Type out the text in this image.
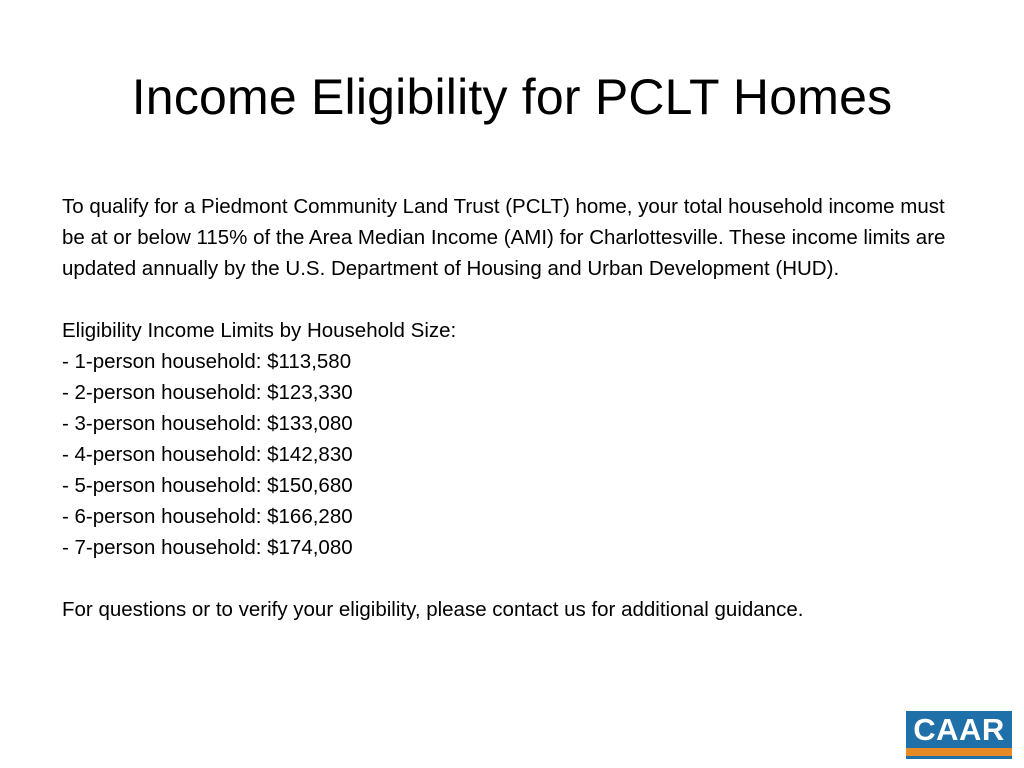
Income Eligibility for PCLT Homes

To qualify for a Piedmont Community Land Trust (PCLT) home, your total household income must be at or below 115% of the Area Median Income (AMI) for Charlottesville. These income limits are updated annually by the U.S. Department of Housing and Urban Development (HUD).

Eligibility Income Limits by Household Size:

- 1-person household: $113,580
- 2-person household: $123,330
- 3-person household: $133,080
- 4-person household: $142,830
- 5-person household: $150,680
- 6-person household: $166,280
- 7-person household: $174,080

For questions or to verify your eligibility, please contact us for additional guidance.

CAAR
